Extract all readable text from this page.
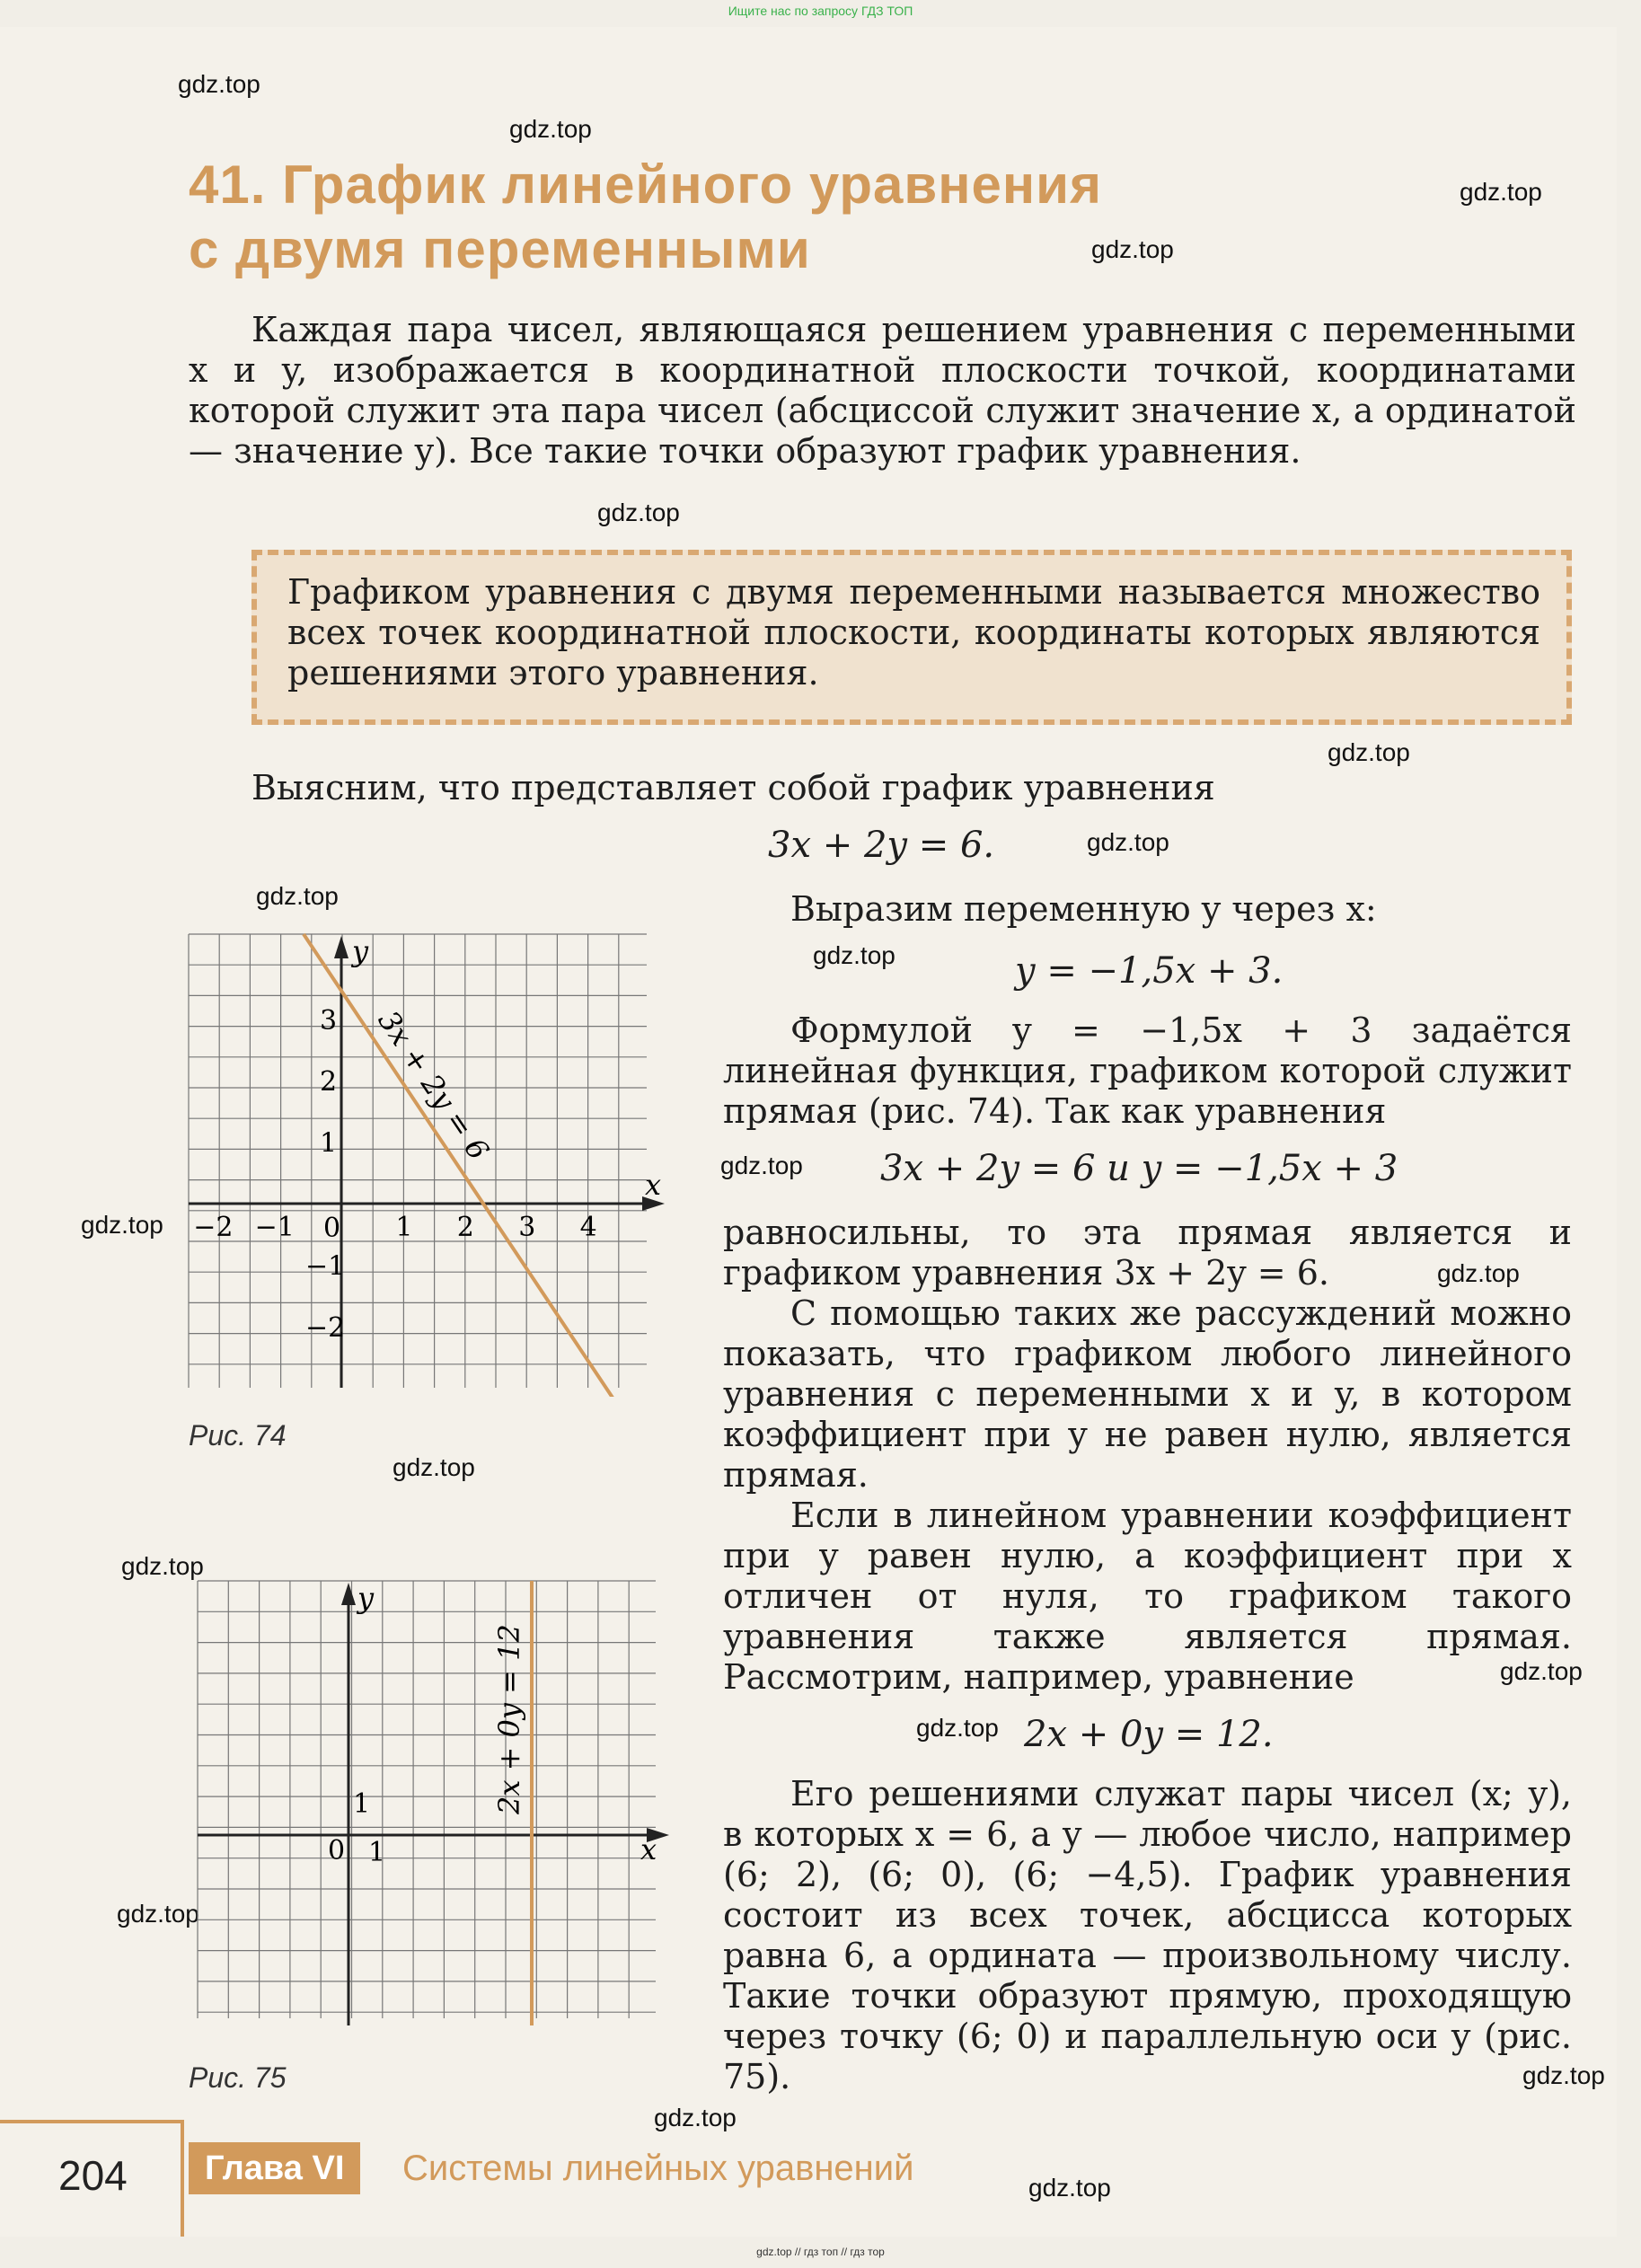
Ищите нас по запросу ГДЗ ТОП
gdz.top
gdz.top
gdz.top
gdz.top
gdz.top
gdz.top
gdz.top
gdz.top
gdz.top
gdz.top
gdz.top
gdz.top
gdz.top
gdz.top
gdz.top
gdz.top
gdz.top
gdz.top
gdz.top
gdz.top
41. График линейного уравнения
с двумя переменными
Каждая пара чисел, являющаяся решением уравнения с переменными x и y, изображается в координатной плоскости точкой, координатами которой служит эта пара чисел (абсциссой служит значение x, а ординатой — значение y). Все такие точки образуют график уравнения.
Графиком уравнения с двумя переменными называется множество всех точек координатной плоскости, координаты которых являются решениями этого уравнения.
Выясним, что представляет собой график уравнения
3x + 2y = 6.
Выразим переменную y через x:
y = −1,5x + 3.
Формулой y = −1,5x + 3 задаётся линейная функция, графиком которой служит прямая (рис. 74). Так как уравнения
3x + 2y = 6 и y = −1,5x + 3
равносильны, то эта прямая является и графиком уравнения 3x + 2y = 6.
С помощью таких же рассуждений можно показать, что графиком любого линейного уравнения с переменными x и y, в котором коэффициент при y не равен нулю, является прямая.
Если в линейном уравнении коэффициент при y равен нулю, а коэффициент при x отличен от нуля, то графиком такого уравнения также является прямая. Рассмотрим, например, уравнение
2x + 0y = 12.
Его решениями служат пары чисел (x; y), в которых x = 6, а y — любое число, например (6; 2), (6; 0), (6; −4,5). График уравнения состоит из всех точек, абсцисса которых равна 6, а ордината — произвольному числу. Такие точки образуют прямую, проходящую через точку (6; 0) и параллельную оси y (рис. 75).
x
y
0
−2 −1	1 2 3 4
3
2
1
−1
−2
3x + 2y = 6
Рис. 74
x
y
0 1
1	2x + 0y = 12
Рис. 75
204	Глава VI	Системы линейных уравнений
gdz.top // гдз топ // гдз тор
